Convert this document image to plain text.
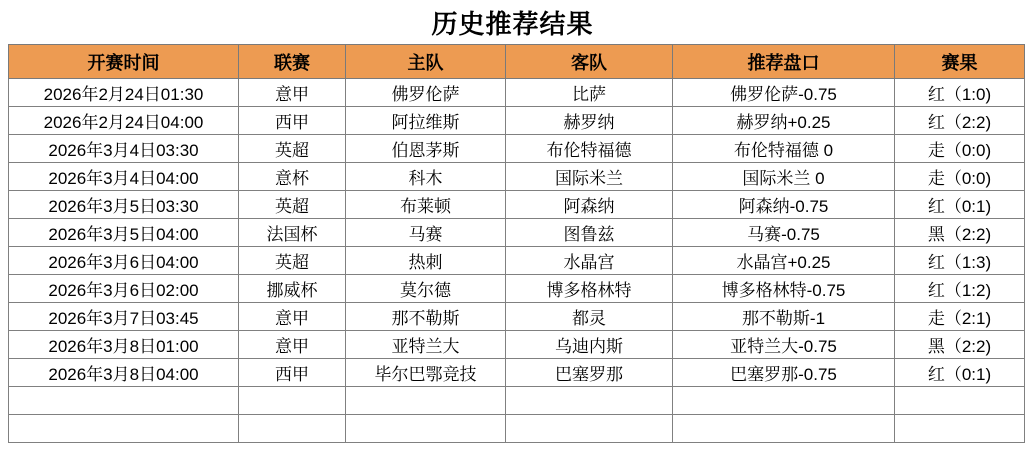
历史推荐结果
开赛时间	联赛	主队	客队	推荐盘口	赛果
2026年2月24日01:30	意甲	佛罗伦萨	比萨	佛罗伦萨-0.75	红（1:0)
2026年2月24日04:00	西甲	阿拉维斯	赫罗纳	赫罗纳+0.25	红（2:2)
2026年3月4日03:30	英超	伯恩茅斯	布伦特福德	布伦特福德 0	走（0:0)
2026年3月4日04:00	意杯	科木	国际米兰	国际米兰 0	走（0:0)
2026年3月5日03:30	英超	布莱顿	阿森纳	阿森纳-0.75	红（0:1)
2026年3月5日04:00	法国杯	马赛	图鲁兹	马赛-0.75	黑（2:2)
2026年3月6日04:00	英超	热刺	水晶宫	水晶宫+0.25	红（1:3)
2026年3月6日02:00	挪威杯	莫尔德	博多格林特	博多格林特-0.75	红（1:2)
2026年3月7日03:45	意甲	那不勒斯	都灵	那不勒斯-1	走（2:1)
2026年3月8日01:00	意甲	亚特兰大	乌迪内斯	亚特兰大-0.75	黑（2:2)
2026年3月8日04:00	西甲	毕尔巴鄂竞技	巴塞罗那	巴塞罗那-0.75	红（0:1)
